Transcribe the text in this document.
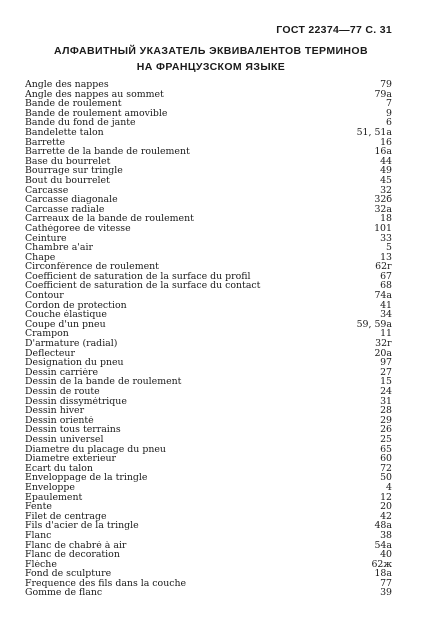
ГОСТ 22374—77 С. 31
АЛФАВИТНЫЙ УКАЗАТЕЛЬ ЭКВИВАЛЕНТОВ ТЕРМИНОВ
НА ФРАНЦУЗСКОМ ЯЗЫКЕ
Angle des nappes	79
Angle des nappes au sommet	79a
Bande de roulement	7
Bande de roulement amovible	9
Bande du fond de jante	6
Bandelette talon	51, 51a
Barrette	16
Barrette de la bande de roulement	16a
Base du bourrelet	44
Bourrage sur tringle	49
Bout du bourrelet	45
Carcasse	32
Carcasse diagonale	32б
Carcasse radiale	32a
Carreaux de la bande de roulement	18
Cathégoree de vitesse	101
Ceinture	33
Chambre a'air	5
Chape	13
Circonférence de roulement	62г
Coefficient de saturation de la surface du profil	67
Coefficient de saturation de la surface du contact	68
Contour	74a
Cordon de protection	41
Couche élastique	34
Coupe d'un pneu	59, 59a
Crampon	11
D'armature (radial)	32г
Deflecteur	20a
Designation du pneu	97
Dessin carrière	27
Dessin de la bande de roulement	15
Dessin de route	24
Dessin dissymétrique	31
Dessin hiver	28
Dessin orienté	29
Dessin tous terrains	26
Dessin universel	25
Diametre du placage du pneu	65
Diametre exterieur	60
Ecart du talon	72
Enveloppage de la tringle	50
Enveloppe	4
Epaulement	12
Fente	20
Filet de centrage	42
Fils d'acier de la tringle	48a
Flanc	38
Flanc de chabré à air	54a
Flanc de decoration	40
Flèche	62ж
Fond de sculpture	18a
Frequence des fils dans la couche	77
Gomme de flanc	39
